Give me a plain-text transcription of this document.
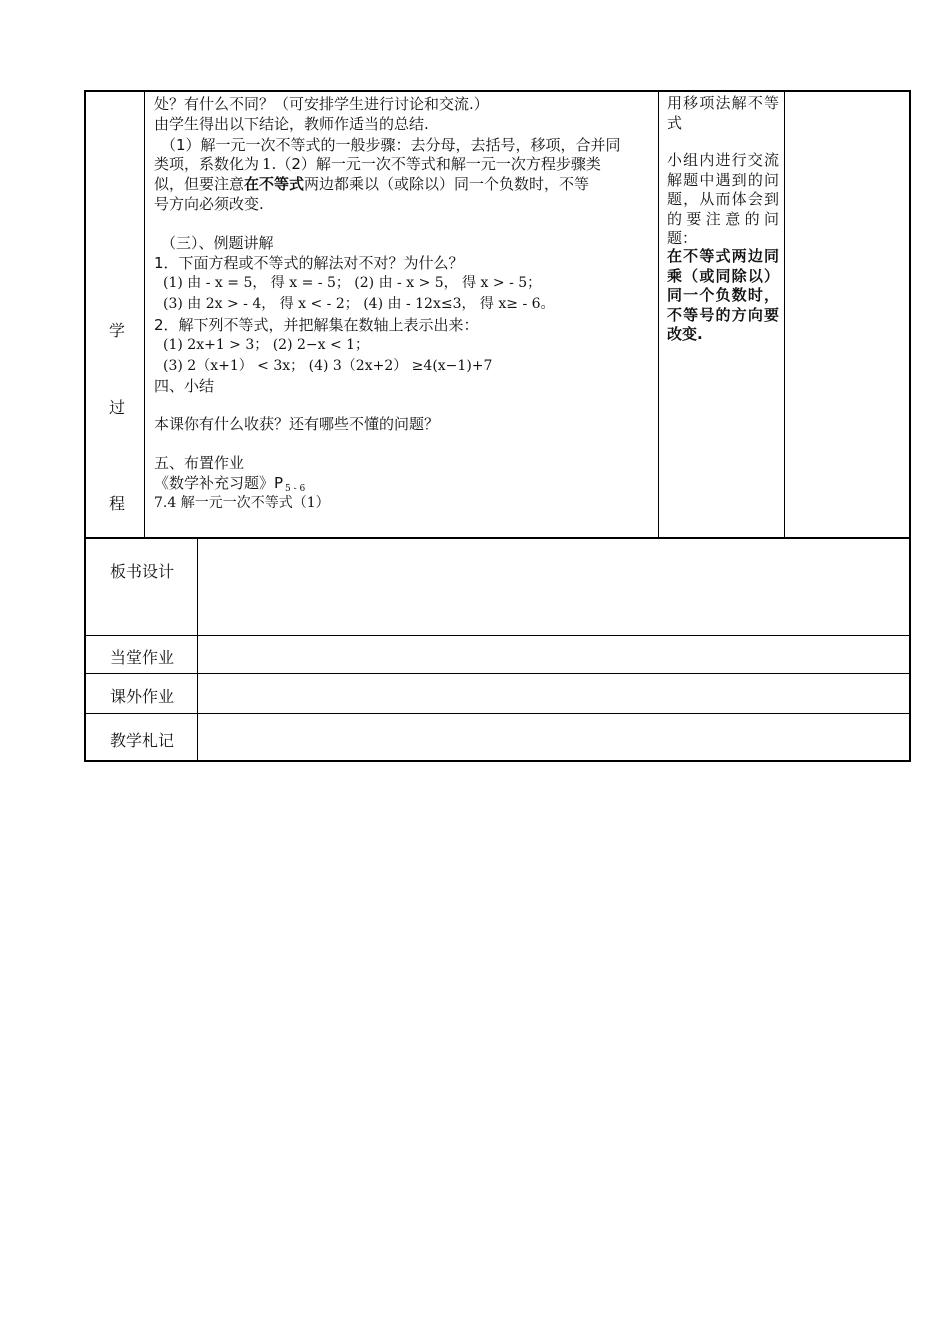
学
过
程
处？有什么不同？（可安排学生进行讨论和交流.）
由学生得出以下结论，教师作适当的总结.
（1）解一元一次不等式的一般步骤：去分母，去括号，移项，合并同
类项，系数化为 1.（2）解一元一次不等式和解一元一次方程步骤类
似，但要注意在不等式两边都乘以（或除以）同一个负数时，不等
号方向必须改变.
（三）、例题讲解
1．下面方程或不等式的解法对不对？为什么？
(1) 由 - x = 5， 得 x = - 5； (2) 由 - x > 5， 得 x > - 5；
(3) 由 2x > - 4， 得 x < - 2； (4) 由 - 12x≤3， 得 x≥ - 6。
2．解下列不等式，并把解集在数轴上表示出来：
(1) 2x+1 > 3； (2) 2−x < 1；
(3) 2（x+1） < 3x； (4) 3（2x+2） ≥4(x−1)+7
四、小结
本课你有什么收获？还有哪些不懂的问题？
五、布置作业
《数学补充习题》P $_{5 - 6}$
7.4 解一元一次不等式（1）
用移项法解不等式
小组内进行交流解题中遇到的问题，从而体会到的要注意的问题：
在不等式两边同乘（或同除以）同一个负数时，不等号的方向要改变.
板书设计
当堂作业
课外作业
教学札记
